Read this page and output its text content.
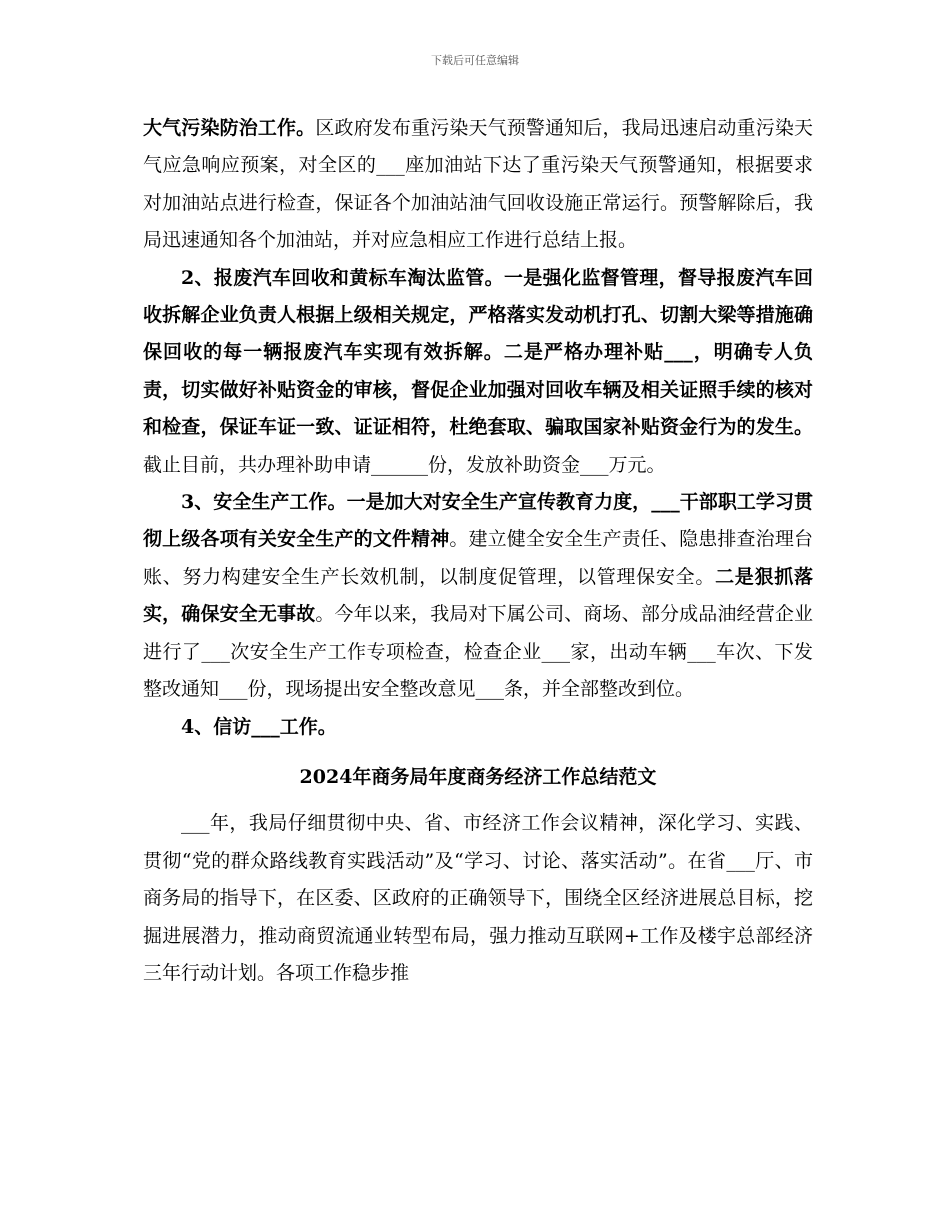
下载后可任意编辑

大气污染防治工作。区政府发布重污染天气预警通知后，我局迅速启动重污染天气应急响应预案，对全区的___座加油站下达了重污染天气预警通知，根据要求对加油站点进行检查，保证各个加油站油气回收设施正常运行。预警解除后，我局迅速通知各个加油站，并对应急相应工作进行总结上报。

2、报废汽车回收和黄标车淘汰监管。一是强化监督管理，督导报废汽车回收拆解企业负责人根据上级相关规定，严格落实发动机打孔、切割大梁等措施确保回收的每一辆报废汽车实现有效拆解。二是严格办理补贴___，明确专人负责，切实做好补贴资金的审核，督促企业加强对回收车辆及相关证照手续的核对和检查，保证车证一致、证证相符，杜绝套取、骗取国家补贴资金行为的发生。截止目前，共办理补助申请______份，发放补助资金___万元。

3、安全生产工作。一是加大对安全生产宣传教育力度，___干部职工学习贯彻上级各项有关安全生产的文件精神。建立健全安全生产责任、隐患排查治理台账、努力构建安全生产长效机制，以制度促管理，以管理保安全。二是狠抓落实，确保安全无事故。今年以来，我局对下属公司、商场、部分成品油经营企业进行了___次安全生产工作专项检查，检查企业___家，出动车辆___车次、下发整改通知___份，现场提出安全整改意见___条，并全部整改到位。

4、信访___工作。

2024年商务局年度商务经济工作总结范文

___年，我局仔细贯彻中央、省、市经济工作会议精神，深化学习、实践、贯彻“党的群众路线教育实践活动”及“学习、讨论、落实活动”。在省___厅、市商务局的指导下，在区委、区政府的正确领导下，围绕全区经济进展总目标，挖掘进展潜力，推动商贸流通业转型布局，强力推动互联网+工作及楼宇总部经济三年行动计划。各项工作稳步推
